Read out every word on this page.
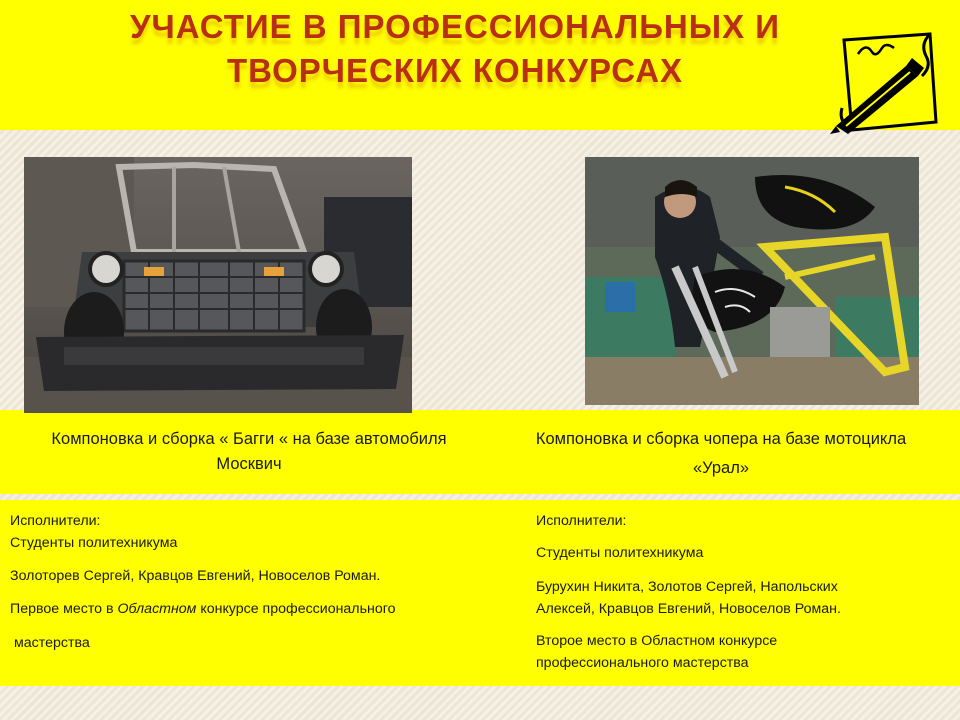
УЧАСТИЕ В ПРОФЕССИОНАЛЬНЫХ И
ТВОРЧЕСКИХ КОНКУРСАХ
Компоновка и сборка « Багги « на базе автомобиля
Москвич
Компоновка и сборка чопера на базе мотоцикла
«Урал»
Исполнители:
Студенты политехникума
Золоторев Сергей, Кравцов Евгений, Новоселов Роман.
Первое место в Областном конкурсе профессионального
мастерства
Исполнители:
Студенты политехникума
Бурухин Никита, Золотов Сергей, Напольских
Алексей, Кравцов Евгений, Новоселов Роман.
Второе место в Областном конкурсе
профессионального мастерства
